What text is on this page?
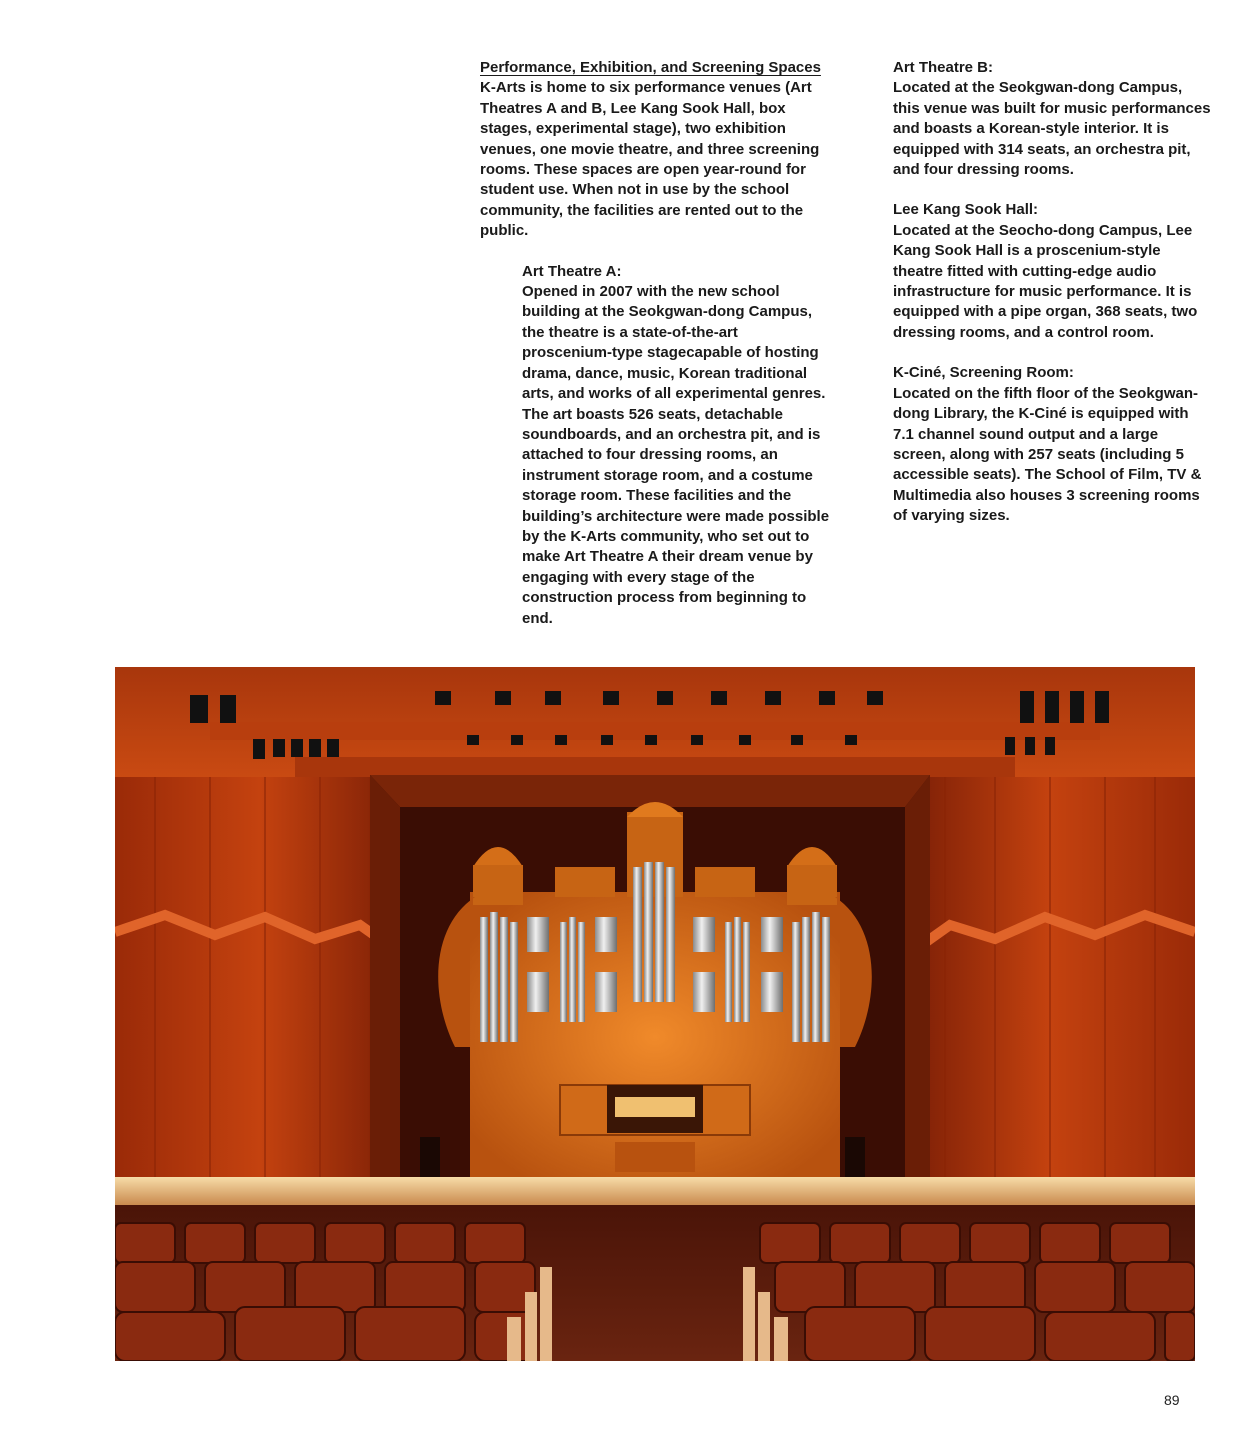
Performance, Exhibition, and Screening Spaces

K-Arts is home to six performance venues (Art Theatres A and B, Lee Kang Sook Hall, box stages, experimental stage), two exhibition venues, one movie theatre, and three screening rooms. These spaces are open year-round for student use. When not in use by the school community, the facilities are rented out to the public.

Art Theatre A:

Opened in 2007 with the new school building at the Seokgwan-dong Campus, the theatre is a state-of-the-art proscenium-type stagecapable of hosting drama, dance, music, Korean traditional arts, and works of all experimental genres. The art boasts 526 seats, detachable soundboards, and an orchestra pit, and is attached to four dressing rooms, an instrument storage room, and a costume storage room. These facilities and the building’s architecture were made possible by the K-Arts community, who set out to make Art Theatre A their dream venue by engaging with every stage of the construction process from beginning to end.

Art Theatre B:

Located at the Seokgwan-dong Campus, this venue was built for music performances and boasts a Korean-style interior. It is equipped with 314 seats, an orchestra pit, and four dressing rooms.

Lee Kang Sook Hall:

Located at the Seocho-dong Campus, Lee Kang Sook Hall is a proscenium-style theatre fitted with cutting-edge audio infrastructure for music performance. It is equipped with a pipe organ, 368 seats, two dressing rooms, and a control room.

K-Ciné, Screening Room:

Located on the fifth floor of the Seokgwan-dong Library, the K-Ciné is equipped with 7.1 channel sound output and a large screen, along with 257 seats (including 5 accessible seats). The School of Film, TV & Multimedia also houses 3 screening rooms of varying sizes.

89
